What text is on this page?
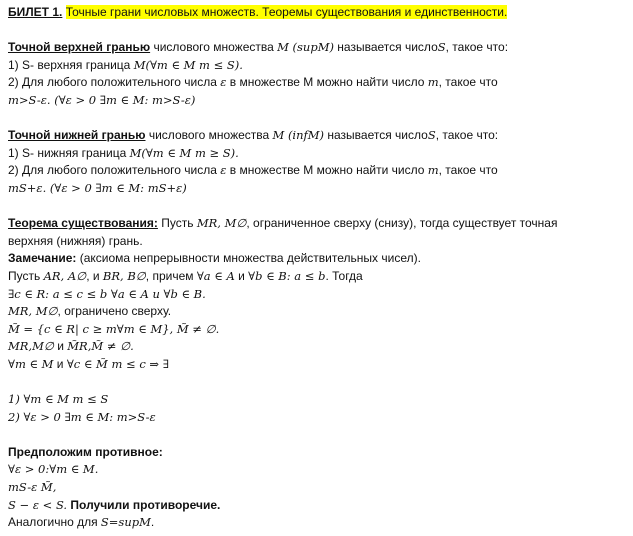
БИЛЕТ 1. Точные грани числовых множеств. Теоремы существования и единственности.
Точной верхней гранью числового множества M (supM) называется числоS, такое что:
1) S- верхняя граница M(∀m ∈ M m ≤ S).
2) Для любого положительного числа ε в множестве М можно найти число m, такое что
m>S-ε. (∀ε > 0 ∃m ∈ M: m>S-ε)
Точной нижней гранью числового множества M (infM) называется числоS, такое что:
1) S- нижняя граница M(∀m ∈ M m ≥ S).
2) Для любого положительного числа ε в множестве М можно найти число m, такое что
mS+ε. (∀ε > 0 ∃m ∈ M: mS+ε)
Теорема существования: Пусть MR, M∅, ограниченное сверху (снизу), тогда существует точная
верхняя (нижняя) грань.
Замечание: (аксиома непрерывности множества действительных чисел).
Пусть AR, A∅, и BR, B∅, причем ∀a ∈ A и ∀b ∈ B: a ≤ b. Тогда
∃c ∈ R: a ≤ c ≤ b ∀a ∈ A и ∀b ∈ B.
MR, M∅, ограничено сверху.
M̃ = {c ∈ R| c ≥ m∀m ∈ M}, M̃ ≠ ∅.
MR,M∅ и M̃R,M̃ ≠ ∅.
∀m ∈ M и ∀c ∈ M̃ m ≤ c ⇒ ∃
1) ∀m ∈ M m ≤ S
2) ∀ε > 0 ∃m ∈ M: m>S-ε
Предположим противное:
∀ε > 0:∀m ∈ M.
mS-ε M̃,
S − ε < S. Получили противоречие.
Аналогично для S=supM.
